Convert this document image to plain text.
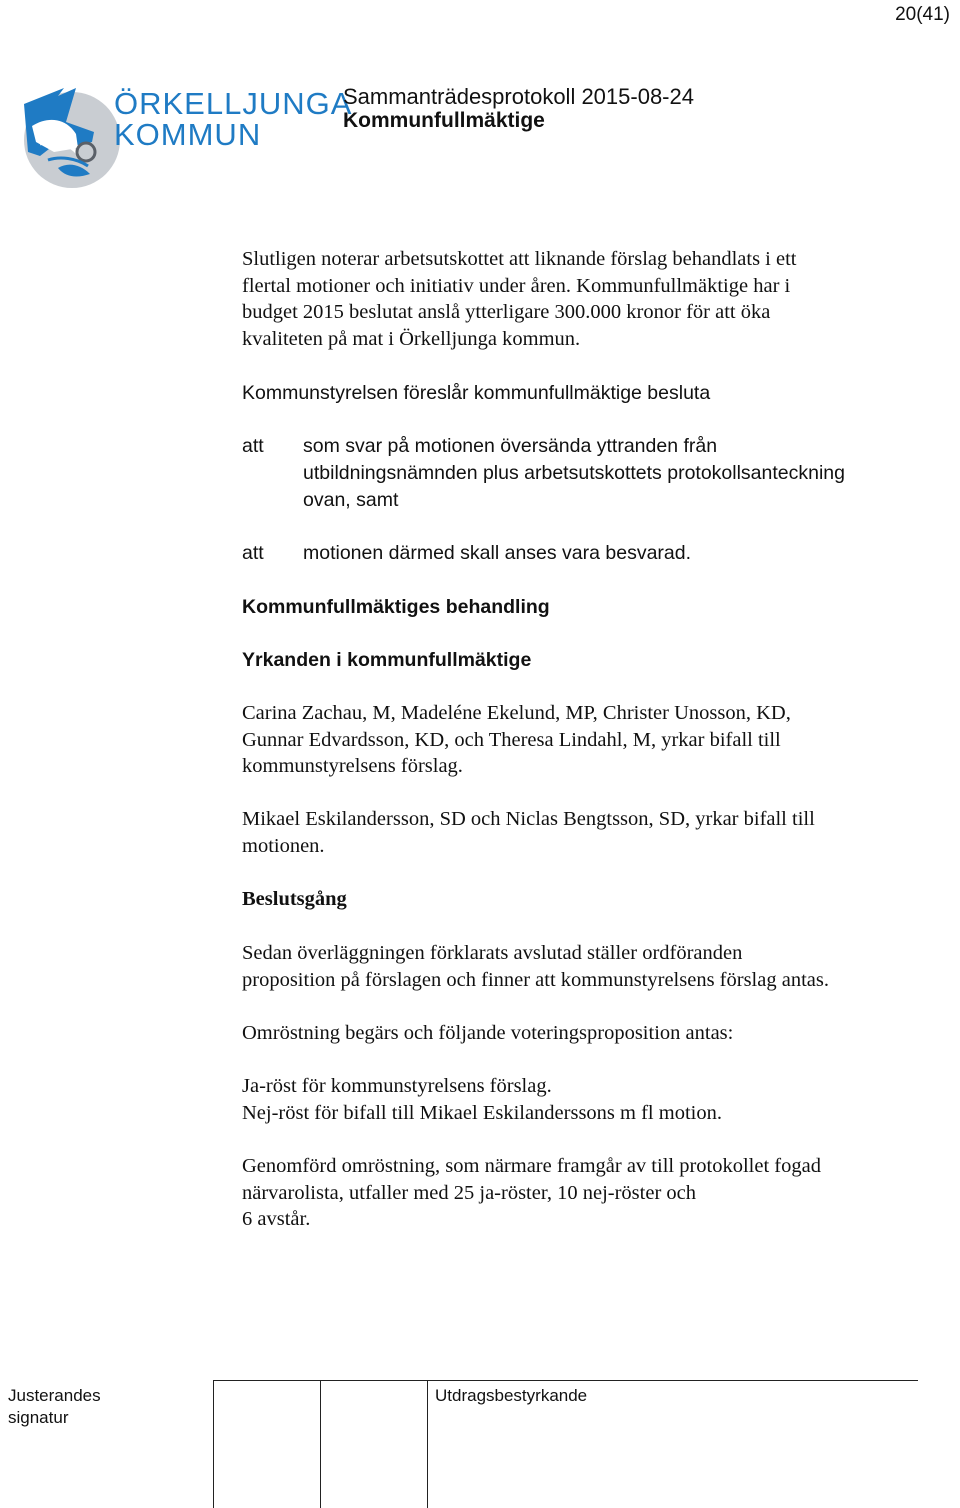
20(41)
ÖRKELLJUNGA
KOMMUN
Sammanträdesprotokoll 2015-08-24
Kommunfullmäktige
Slutligen noterar arbetsutskottet att liknande förslag behandlats i ett
flertal motioner och initiativ under åren. Kommunfullmäktige har i
budget 2015 beslutat anslå ytterligare 300.000 kronor för att öka
kvaliteten på mat i Örkelljunga kommun.
Kommunstyrelsen föreslår kommunfullmäktige besluta
att som svar på motionen översända yttranden från
utbildningsnämnden plus arbetsutskottets protokollsanteckning
ovan, samt
att motionen därmed skall anses vara besvarad.
Kommunfullmäktiges behandling
Yrkanden i kommunfullmäktige
Carina Zachau, M, Madeléne Ekelund, MP, Christer Unosson, KD,
Gunnar Edvardsson, KD, och Theresa Lindahl, M, yrkar bifall till
kommunstyrelsens förslag.
Mikael Eskilandersson, SD och Niclas Bengtsson, SD, yrkar bifall till
motionen.
Beslutsgång
Sedan överläggningen förklarats avslutad ställer ordföranden
proposition på förslagen och finner att kommunstyrelsens förslag antas.
Omröstning begärs och följande voteringsproposition antas:
Ja-röst för kommunstyrelsens förslag.
Nej-röst för bifall till Mikael Eskilanderssons m fl motion.
Genomförd omröstning, som närmare framgår av till protokollet fogad
närvarolista, utfaller med 25 ja-röster, 10 nej-röster och
6 avstår.
Justerandes
signatur
Utdragsbestyrkande
